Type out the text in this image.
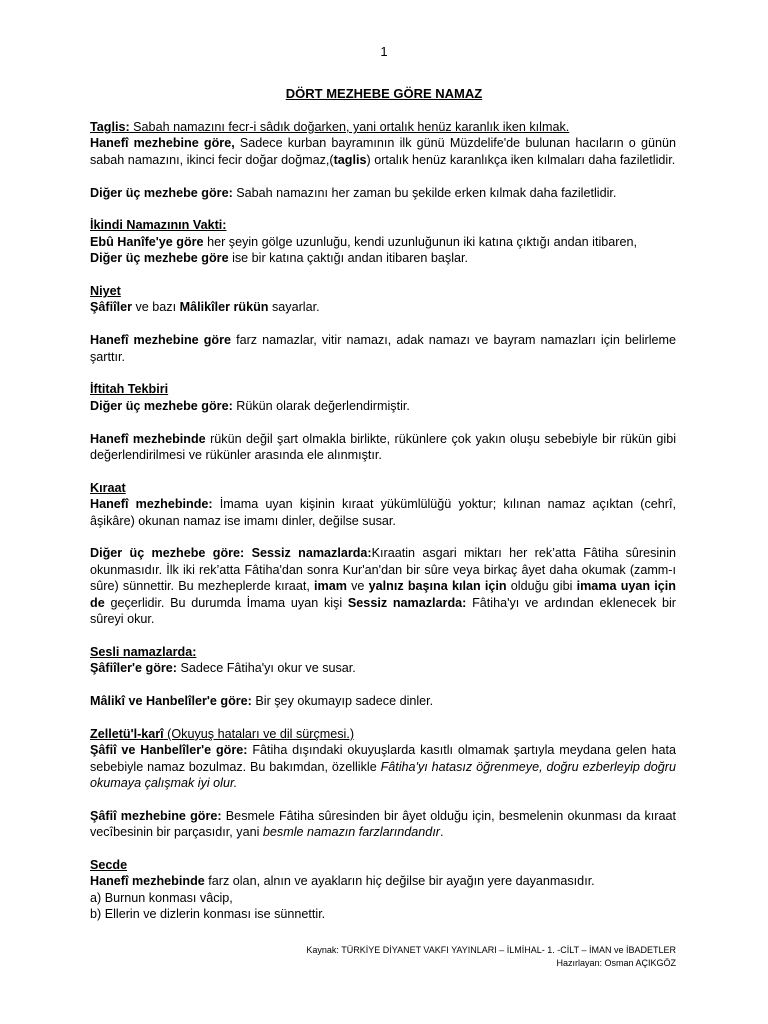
1
DÖRT MEZHEBE GÖRE NAMAZ

Taglis: Sabah namazını fecr-i sâdık doğarken, yani ortalık henüz karanlık iken kılmak.

Hanefî mezhebine göre, Sadece kurban bayramının ilk günü Müzdelife'de bulunan hacıların o günün sabah namazını, ikinci fecir doğar doğmaz,(taglis) ortalık henüz karanlıkça iken kılmaları daha faziletlidir.

Diğer üç mezhebe göre: Sabah namazını her zaman bu şekilde erken kılmak daha faziletlidir.

İkindi Namazının Vakti:

Ebû Hanîfe'ye göre her şeyin gölge uzunluğu, kendi uzunluğunun iki katına çıktığı andan itibaren,

Diğer üç mezhebe göre ise bir katına çaktığı andan itibaren başlar.

Niyet

Şâfiîler ve bazı Mâlikîler rükün sayarlar.

Hanefî mezhebine göre farz namazlar, vitir namazı, adak namazı ve bayram namazları için belirleme şarttır.

İftitah Tekbiri

Diğer üç mezhebe göre: Rükün olarak değerlendirmiştir.

Hanefî mezhebinde rükün değil şart olmakla birlikte, rükünlere çok yakın oluşu sebebiyle bir rükün gibi değerlendirilmesi ve rükünler arasında ele alınmıştır.

Kıraat

Hanefî mezhebinde: İmama uyan kişinin kıraat yükümlülüğü yoktur; kılınan namaz açıktan (cehrî, âşikâre) okunan namaz ise imamı dinler, değilse susar.

Diğer üç mezhebe göre: Sessiz namazlarda:Kıraatin asgari miktarı her rek’atta Fâtiha sûresinin okunmasıdır. İlk iki rek’atta Fâtiha'dan sonra Kur'an'dan bir sûre veya birkaç âyet daha okumak (zamm-ı sûre) sünnettir. Bu mezheplerde kıraat, imam ve yalnız başına kılan için olduğu gibi imama uyan için de geçerlidir. Bu durumda İmama uyan kişi Sessiz namazlarda: Fâtiha'yı ve ardından eklenecek bir sûreyi okur.

Sesli namazlarda:

Şâfiîler'e göre: Sadece Fâtiha'yı okur ve susar.

Mâlikî ve Hanbelîler'e göre: Bir şey okumayıp sadece dinler.

Zelletü'l-karî (Okuyuş hataları ve dil sürçmesi.)

Şâfiî ve Hanbelîler'e göre: Fâtiha dışındaki okuyuşlarda kasıtlı olmamak şartıyla meydana gelen hata sebebiyle namaz bozulmaz. Bu bakımdan, özellikle Fâtiha'yı hatasız öğrenmeye, doğru ezberleyip doğru okumaya çalışmak iyi olur.

Şâfiî mezhebine göre: Besmele Fâtiha sûresinden bir âyet olduğu için, besmelenin okunması da kıraat vecîbesinin bir parçasıdır, yani besmle namazın farzlarındandır.

Secde

Hanefî mezhebinde farz olan, alnın ve ayakların hiç değilse bir ayağın yere dayanmasıdır.

a) Burnun konması vâcip,

b) Ellerin ve dizlerin konması ise sünnettir.

Kaynak: TÜRKİYE DİYANET VAKFI YAYINLARI – İLMİHAL- 1. -CİLT – İMAN ve İBADETLER
Hazırlayan: Osman AÇIKGÖZ
